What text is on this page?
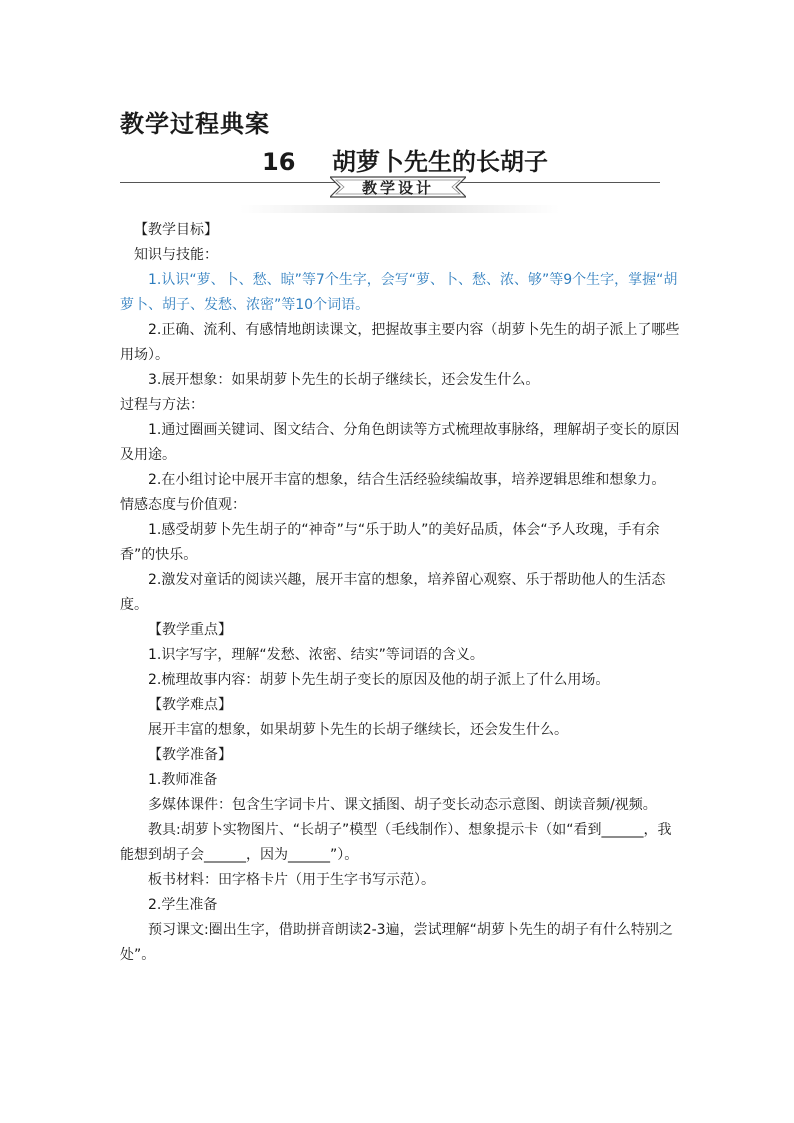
教学过程典案
16 胡萝卜先生的长胡子
教学设计

【教学目标】

知识与技能：

1.认识“萝、卜、愁、晾”等7个生字，会写“萝、卜、愁、浓、够”等9个生字，掌握“胡萝卜、胡子、发愁、浓密”等10个词语。

2.正确、流利、有感情地朗读课文，把握故事主要内容（胡萝卜先生的胡子派上了哪些用场）。

3.展开想象：如果胡萝卜先生的长胡子继续长，还会发生什么。

过程与方法：

1.通过圈画关键词、图文结合、分角色朗读等方式梳理故事脉络，理解胡子变长的原因及用途。

2.在小组讨论中展开丰富的想象，结合生活经验续编故事，培养逻辑思维和想象力。

情感态度与价值观：

1.感受胡萝卜先生胡子的“神奇”与“乐于助人”的美好品质，体会“予人玫瑰，手有余香”的快乐。

2.激发对童话的阅读兴趣，展开丰富的想象，培养留心观察、乐于帮助他人的生活态度。

【教学重点】

1.识字写字，理解“发愁、浓密、结实”等词语的含义。

2.梳理故事内容：胡萝卜先生胡子变长的原因及他的胡子派上了什么用场。

【教学难点】

展开丰富的想象，如果胡萝卜先生的长胡子继续长，还会发生什么。

【教学准备】

1.教师准备

多媒体课件：包含生字词卡片、课文插图、胡子变长动态示意图、朗读音频/视频。

教具:胡萝卜实物图片、“长胡子”模型（毛线制作）、想象提示卡（如“看到______，我能想到胡子会______，因为______”）。

板书材料：田字格卡片（用于生字书写示范）。

2.学生准备

预习课文:圈出生字，借助拼音朗读2-3遍，尝试理解“胡萝卜先生的胡子有什么特别之处”。
